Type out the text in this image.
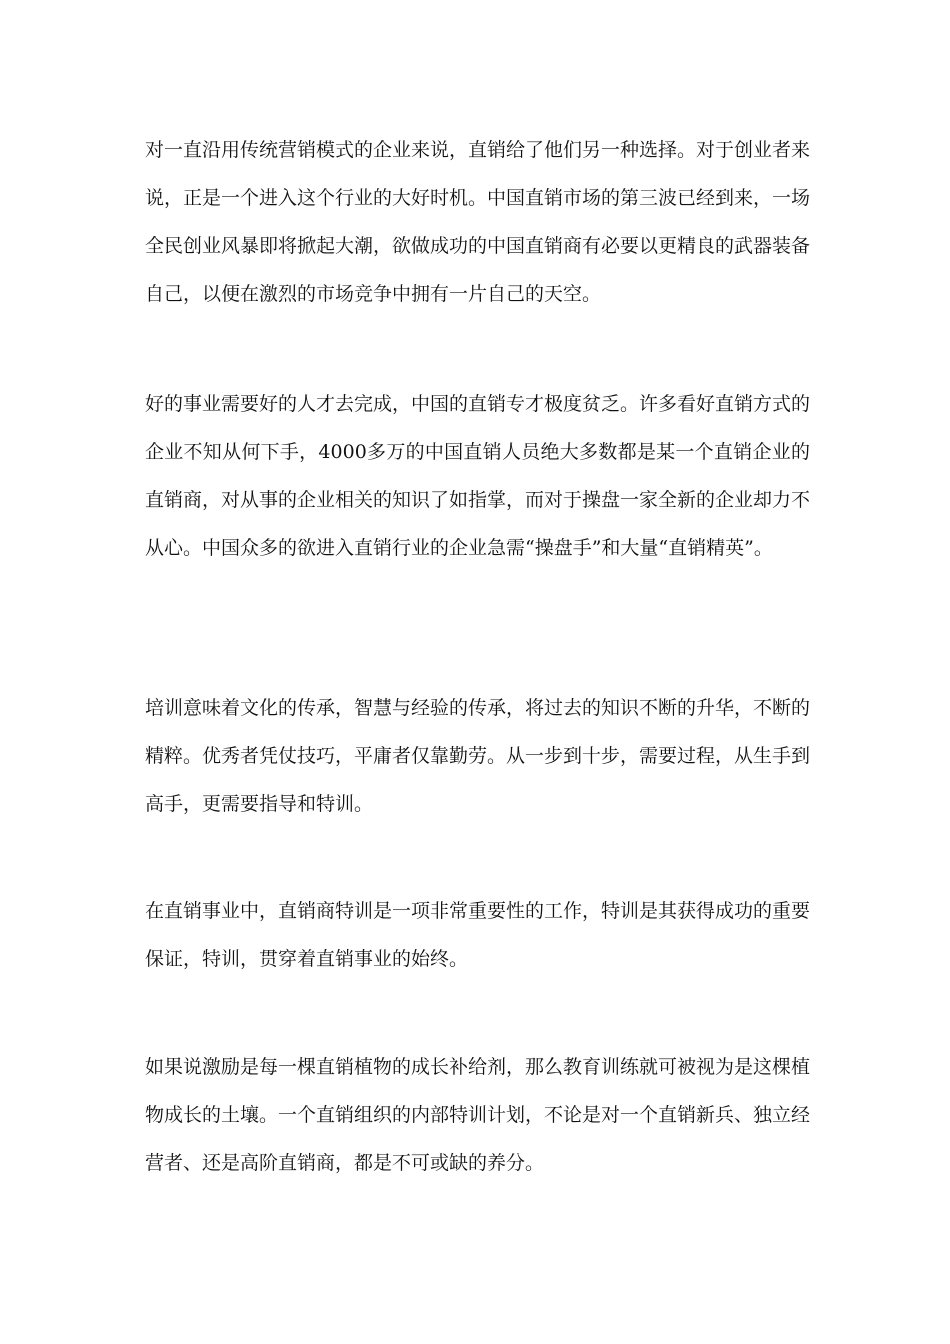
对一直沿用传统营销模式的企业来说，直销给了他们另一种选择。对于创业者来说，正是一个进入这个行业的大好时机。中国直销市场的第三波已经到来，一场全民创业风暴即将掀起大潮，欲做成功的中国直销商有必要以更精良的武器装备自己，以便在激烈的市场竞争中拥有一片自己的天空。

好的事业需要好的人才去完成，中国的直销专才极度贫乏。许多看好直销方式的企业不知从何下手，4000多万的中国直销人员绝大多数都是某一个直销企业的直销商，对从事的企业相关的知识了如指掌，而对于操盘一家全新的企业却力不从心。中国众多的欲进入直销行业的企业急需“操盘手”和大量“直销精英”。

培训意味着文化的传承，智慧与经验的传承，将过去的知识不断的升华，不断的精粹。优秀者凭仗技巧，平庸者仅靠勤劳。从一步到十步，需要过程，从生手到高手，更需要指导和特训。

在直销事业中，直销商特训是一项非常重要性的工作，特训是其获得成功的重要保证，特训，贯穿着直销事业的始终。

如果说激励是每一棵直销植物的成长补给剂，那么教育训练就可被视为是这棵植物成长的土壤。一个直销组织的内部特训计划，不论是对一个直销新兵、独立经营者、还是高阶直销商，都是不可或缺的养分。
